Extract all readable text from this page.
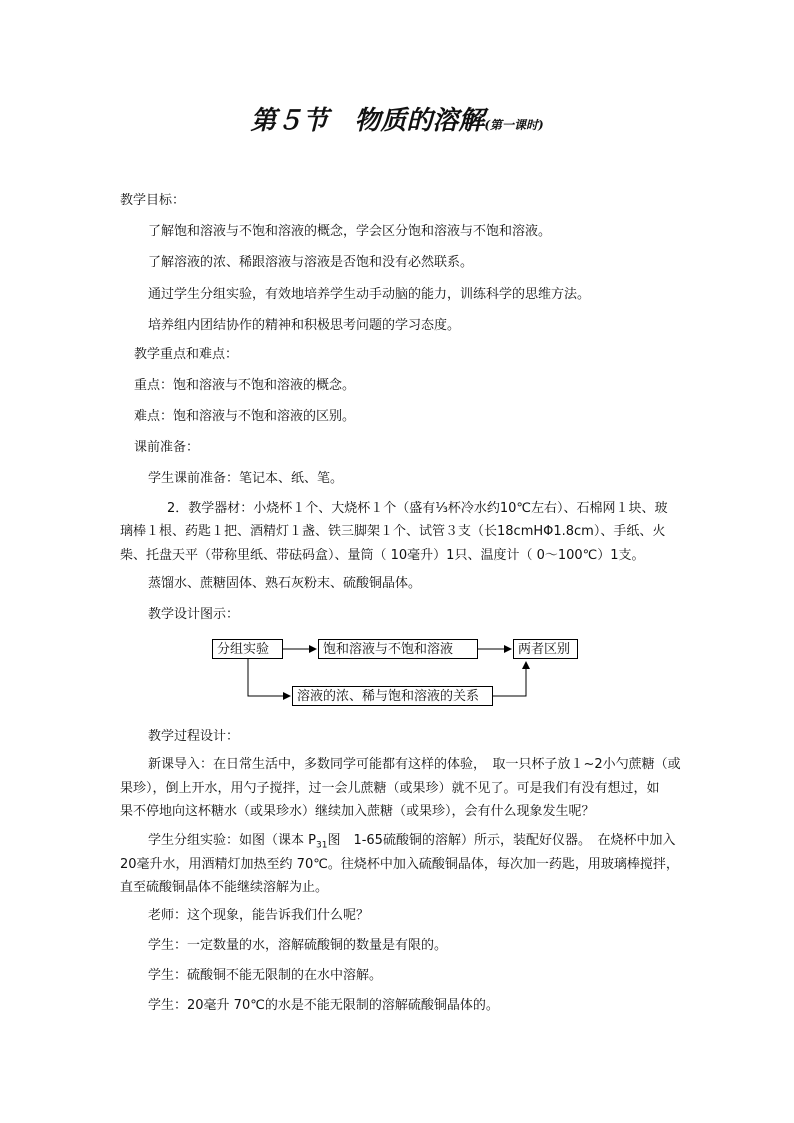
第５节　物质的溶解(第一课时)
教学目标：
了解饱和溶液与不饱和溶液的概念，学会区分饱和溶液与不饱和溶液。
了解溶液的浓、稀跟溶液与溶液是否饱和没有必然联系。
通过学生分组实验，有效地培养学生动手动脑的能力，训练科学的思维方法。
培养组内团结协作的精神和积极思考问题的学习态度。
教学重点和难点：
重点：饱和溶液与不饱和溶液的概念。
难点：饱和溶液与不饱和溶液的区别。
课前准备：
学生课前准备：笔记本、纸、笔。
2．教学器材：小烧杯１个、大烧杯１个（盛有⅓杯冷水约10℃左右）、石棉网１块、玻
璃棒１根、药匙１把、酒精灯１盏、铁三脚架１个、试管３支（长18cmHΦ1.8cm）、手纸、火
柴、托盘天平（带称里纸、带砝码盒）、量筒（ 10毫升）1只、温度计（ 0～100℃）1支。
蒸馏水、蔗糖固体、熟石灰粉末、硫酸铜晶体。
教学设计图示：
分组实验	饱和溶液与不饱和溶液	两者区别
溶液的浓、稀与饱和溶液的关系
教学过程设计：
新课导入：在日常生活中，多数同学可能都有这样的体验，　取一只杯子放１~2小勺蔗糖（或
果珍），倒上开水，用勺子搅拌，过一会儿蔗糖（或果珍）就不见了。可是我们有没有想过，如
果不停地向这杯糖水（或果珍水）继续加入蔗糖（或果珍），会有什么现象发生呢？
学生分组实验：如图（课本 $P_{31}$图　1-65硫酸铜的溶解）所示，装配好仪器。　在烧杯中加入
20毫升水，用酒精灯加热至约 70℃。往烧杯中加入硫酸铜晶体，每次加一药匙，用玻璃棒搅拌，
直至硫酸铜晶体不能继续溶解为止。
老师：这个现象，能告诉我们什么呢？
学生：一定数量的水，溶解硫酸铜的数量是有限的。
学生：硫酸铜不能无限制的在水中溶解。
学生：20毫升 70℃的水是不能无限制的溶解硫酸铜晶体的。
